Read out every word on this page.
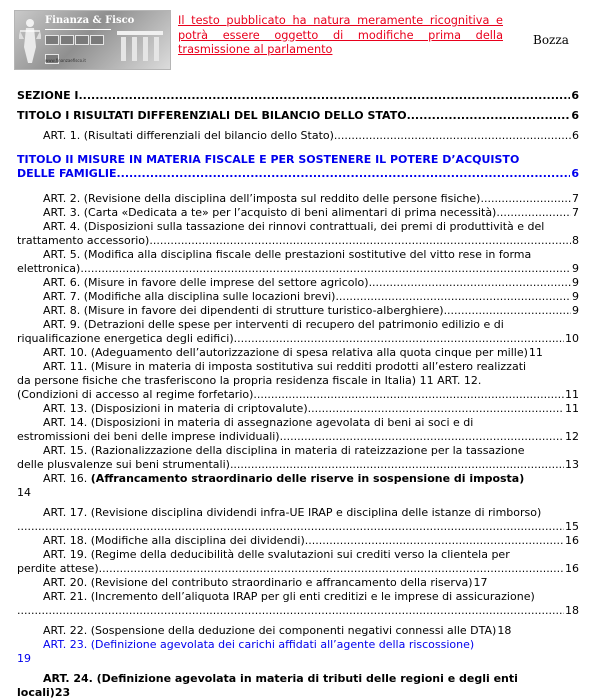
Finanza & Fisco
www.finanzaefisco.it
Il testo pubblicato ha natura meramente ricognitiva e potrà essere oggetto di modifiche prima della trasmissione al parlamento
Bozza
SEZIONE I .....	6
TITOLO I RISULTATI DIFFERENZIALI DEL BILANCIO DELLO STATO .....	6
ART. 1. (Risultati differenziali del bilancio dello Stato) .....	6
TITOLO II MISURE IN MATERIA FISCALE E PER SOSTENERE IL POTERE D’ACQUISTO
DELLE FAMIGLIE .....	6
ART. 2. (Revisione della disciplina dell’imposta sul reddito delle persone fisiche) .....	7
ART. 3. (Carta «Dedicata a te» per l’acquisto di beni alimentari di prima necessità) .....	7
ART. 4. (Disposizioni sulla tassazione dei rinnovi contrattuali, dei premi di produttività e del
trattamento accessorio) .....	8
ART. 5. (Modifica alla disciplina fiscale delle prestazioni sostitutive del vitto rese in forma
elettronica) .....	9
ART. 6. (Misure in favore delle imprese del settore agricolo) .....	9
ART. 7. (Modifiche alla disciplina sulle locazioni brevi) .....	9
ART. 8. (Misure in favore dei dipendenti di strutture turistico-alberghiere) .....	9
ART. 9. (Detrazioni delle spese per interventi di recupero del patrimonio edilizio e di
riqualificazione energetica degli edifici) .....	10
ART. 10. (Adeguamento dell’autorizzazione di spesa relativa alla quota cinque per mille) 11
ART. 11. (Misure in materia di imposta sostitutiva sui redditi prodotti all’estero realizzati
da persone fisiche che trasferiscono la propria residenza fiscale in Italia) 11 ART. 12.
(Condizioni di accesso al regime forfetario) .....	11
ART. 13. (Disposizioni in materia di criptovalute) .....	11
ART. 14. (Disposizioni in materia di assegnazione agevolata di beni ai soci e di
estromissioni dei beni delle imprese individuali) .....	12
ART. 15. (Razionalizzazione della disciplina in materia di rateizzazione per la tassazione
delle plusvalenze sui beni strumentali) .....	13
ART. 16. (Affrancamento straordinario delle riserve in sospensione di imposta)
14
ART. 17. (Revisione disciplina dividendi infra-UE IRAP e disciplina delle istanze di rimborso)
.....
15
ART. 18. (Modifiche alla disciplina dei dividendi) .....	16
ART. 19. (Regime della deducibilità delle svalutazioni sui crediti verso la clientela per
perdite attese) .....	16
ART. 20. (Revisione del contributo straordinario e affrancamento della riserva) 17
ART. 21. (Incremento dell’aliquota IRAP per gli enti creditizi e le imprese di assicurazione)
.....
18
ART. 22. (Sospensione della deduzione dei componenti negativi connessi alle DTA) 18
ART. 23. (Definizione agevolata dei carichi affidati all’agente della riscossione)
19
ART. 24. (Definizione agevolata in materia di tributi delle regioni e degli enti
locali)23
